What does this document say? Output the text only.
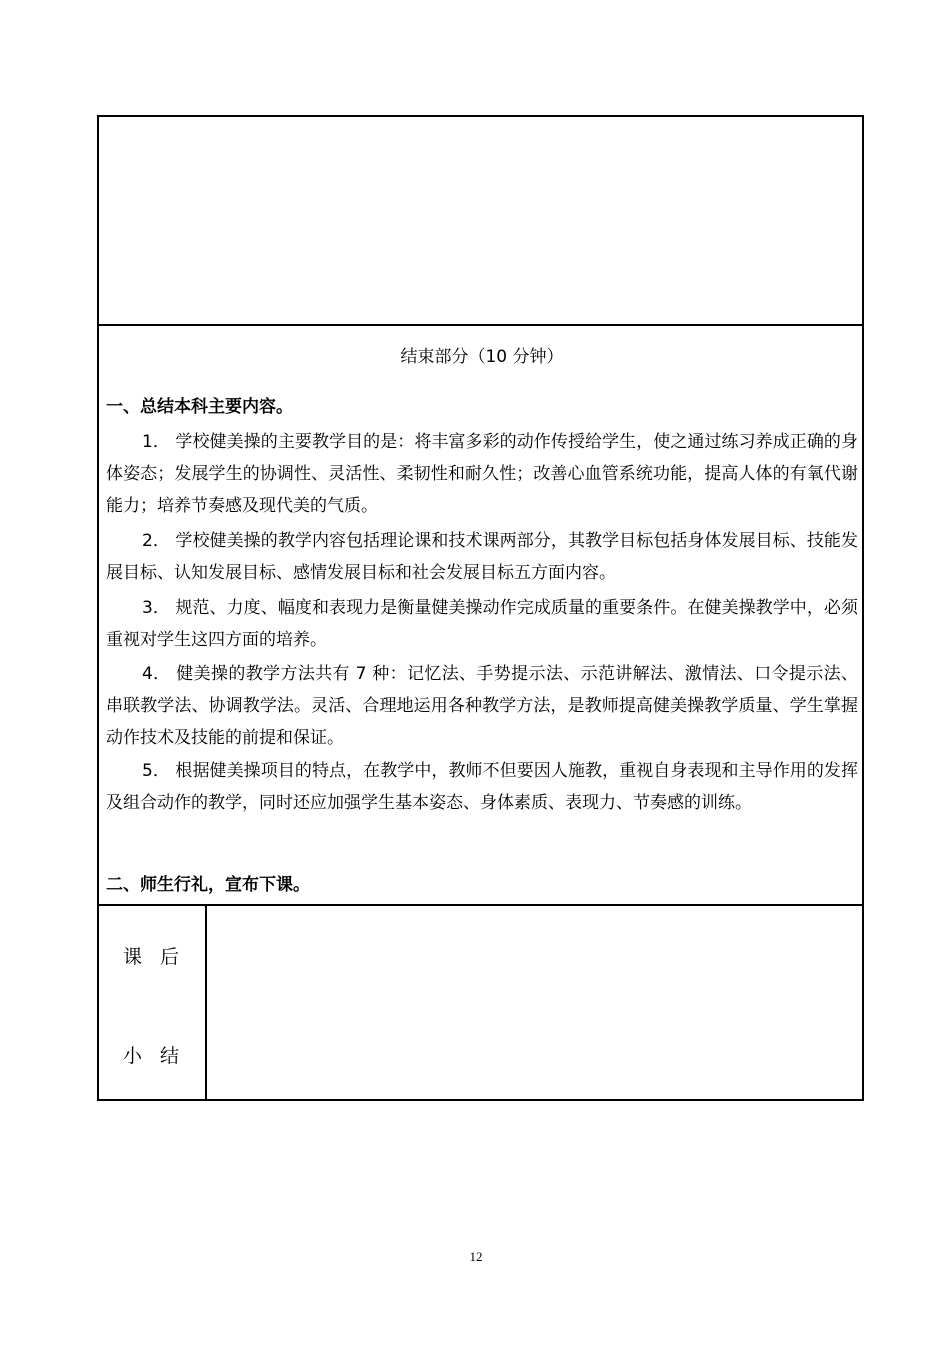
结束部分（10 分钟）
一、总结本科主要内容。
1． 学校健美操的主要教学目的是：将丰富多彩的动作传授给学生，使之通过练习养成正确的身体姿态；发展学生的协调性、灵活性、柔韧性和耐久性；改善心血管系统功能，提高人体的有氧代谢能力；培养节奏感及现代美的气质。
2． 学校健美操的教学内容包括理论课和技术课两部分，其教学目标包括身体发展目标、技能发展目标、认知发展目标、感情发展目标和社会发展目标五方面内容。
3． 规范、力度、幅度和表现力是衡量健美操动作完成质量的重要条件。在健美操教学中，必须重视对学生这四方面的培养。
4． 健美操的教学方法共有 7 种：记忆法、手势提示法、示范讲解法、激情法、口令提示法、串联教学法、协调教学法。灵活、合理地运用各种教学方法，是教师提高健美操教学质量、学生掌握动作技术及技能的前提和保证。
5． 根据健美操项目的特点，在教学中，教师不但要因人施教，重视自身表现和主导作用的发挥及组合动作的教学，同时还应加强学生基本姿态、身体素质、表现力、节奏感的训练。
二、师生行礼，宣布下课。
课后
小结
12
